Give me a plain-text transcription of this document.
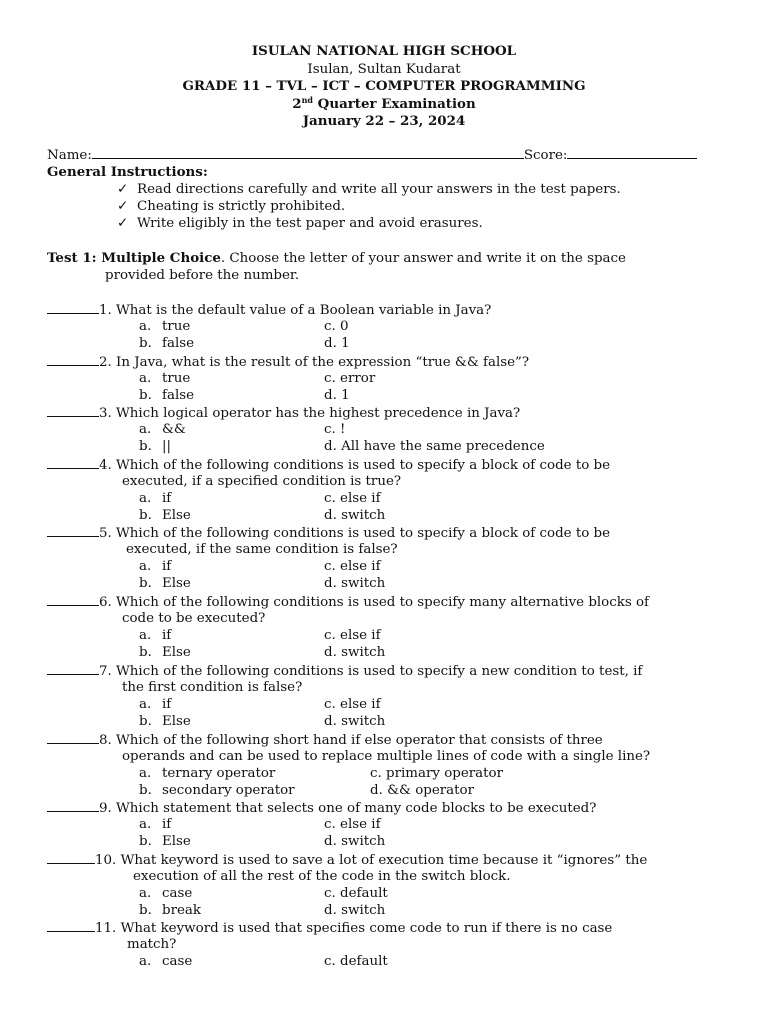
ISULAN NATIONAL HIGH SCHOOL
Isulan, Sultan Kudarat
GRADE 11 – TVL – ICT – COMPUTER PROGRAMMING
2nd Quarter Examination
January 22 – 23, 2024
Name:	Score:
General Instructions:
✓ Read directions carefully and write all your answers in the test papers.
✓ Cheating is strictly prohibited.
✓ Write eligibly in the test paper and avoid erasures.
Test 1: Multiple Choice. Choose the letter of your answer and write it on the space
provided before the number.
1. What is the default value of a Boolean variable in Java?
a. true	c. 0
b. false	d. 1
2. In Java, what is the result of the expression “true && false”?
a. true	c. error
b. false	d. 1
3. Which logical operator has the highest precedence in Java?
a. &&	c. !
b. ||	d. All have the same precedence
4. Which of the following conditions is used to specify a block of code to be
executed, if a specified condition is true?
a. if	c. else if
b. Else	d. switch
5. Which of the following conditions is used to specify a block of code to be
executed, if the same condition is false?
a. if	c. else if
b. Else	d. switch
6. Which of the following conditions is used to specify many alternative blocks of
code to be executed?
a. if	c. else if
b. Else	d. switch
7. Which of the following conditions is used to specify a new condition to test, if
the first condition is false?
a. if	c. else if
b. Else	d. switch
8. Which of the following short hand if else operator that consists of three
operands and can be used to replace multiple lines of code with a single line?
a. ternary operator	c. primary operator
b. secondary operator	d. && operator
9. Which statement that selects one of many code blocks to be executed?
a. if	c. else if
b. Else	d. switch
10. What keyword is used to save a lot of execution time because it “ignores” the
execution of all the rest of the code in the switch block.
a. case	c. default
b. break	d. switch
11. What keyword is used that specifies come code to run if there is no case
match?
a. case	c. default
